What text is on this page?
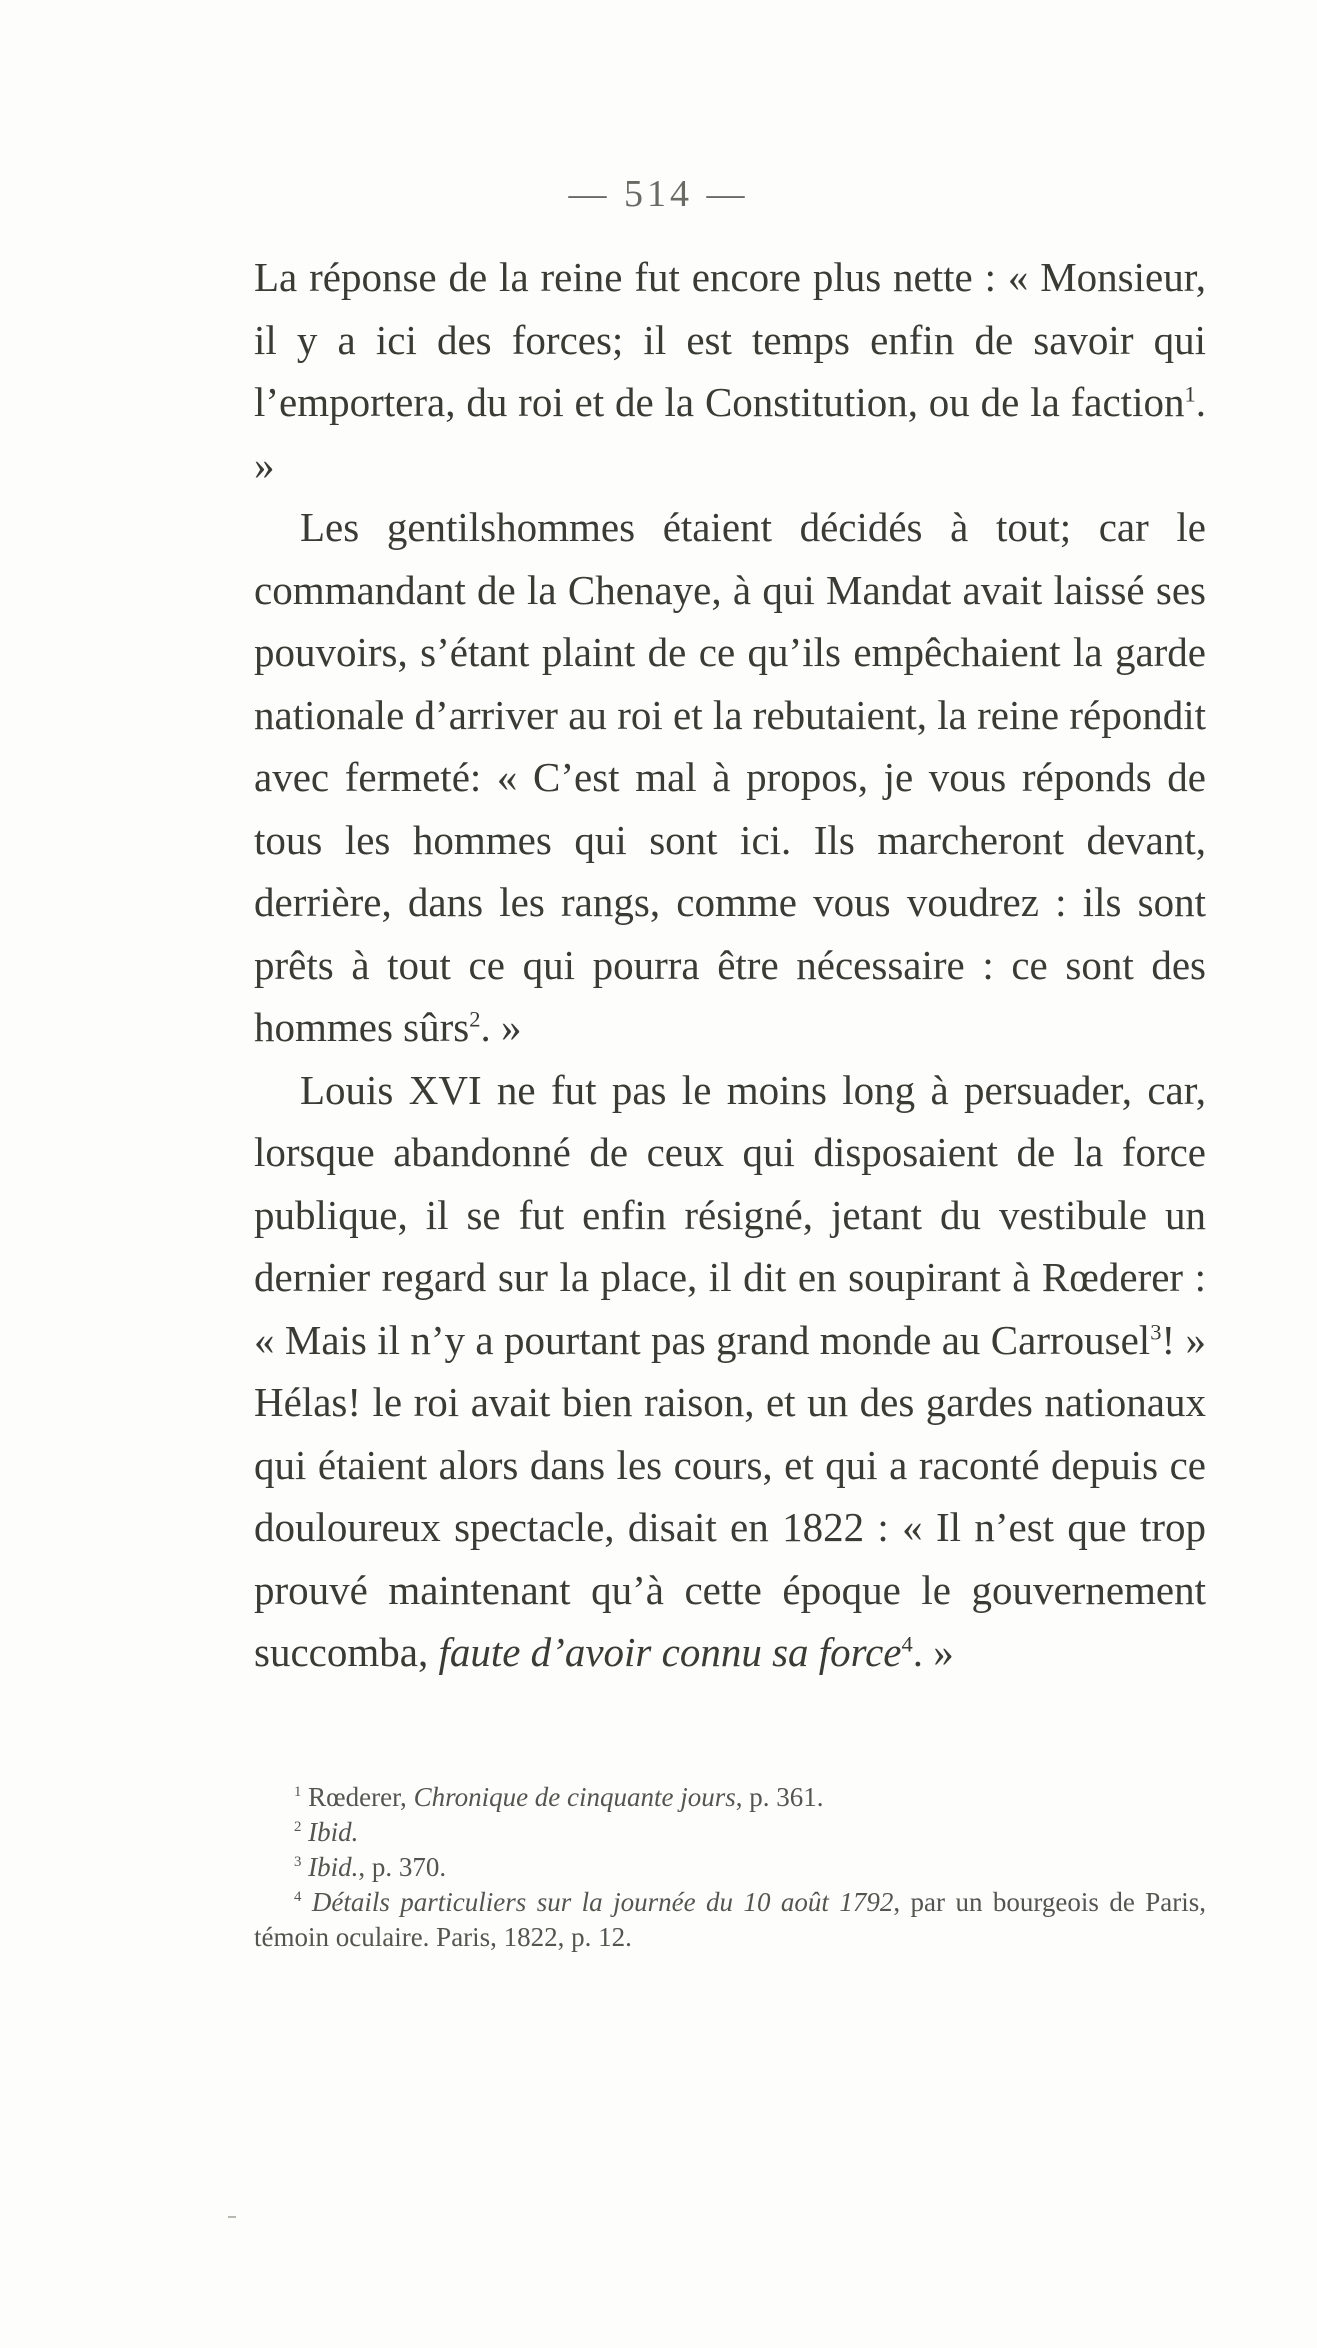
— 514 —

La réponse de la reine fut encore plus nette : « Monsieur, il y a ici des forces; il est temps enfin de savoir qui l’emportera, du roi et de la Constitution, ou de la faction$^1$. »

Les gentilshommes étaient décidés à tout; car le commandant de la Chenaye, à qui Mandat avait laissé ses pouvoirs, s’étant plaint de ce qu’ils empêchaient la garde nationale d’arriver au roi et la rebutaient, la reine répondit avec fermeté: « C’est mal à propos, je vous réponds de tous les hommes qui sont ici. Ils marcheront devant, derrière, dans les rangs, comme vous voudrez : ils sont prêts à tout ce qui pourra être nécessaire : ce sont des hommes sûrs$^2$. »

Louis XVI ne fut pas le moins long à persuader, car, lorsque abandonné de ceux qui disposaient de la force publique, il se fut enfin résigné, jetant du vestibule un dernier regard sur la place, il dit en soupirant à Rœderer : « Mais il n’y a pourtant pas grand monde au Carrousel$^3$! » Hélas! le roi avait bien raison, et un des gardes nationaux qui étaient alors dans les cours, et qui a raconté depuis ce douloureux spectacle, disait en 1822 : « Il n’est que trop prouvé maintenant qu’à cette époque le gouvernement succomba, faute d’avoir connu sa force$^4$. »

$^1$ Rœderer, Chronique de cinquante jours, p. 361.

$^2$ Ibid.

$^3$ Ibid., p. 370.

$^4$ Détails particuliers sur la journée du 10 août 1792, par un bourgeois de Paris, témoin oculaire. Paris, 1822, p. 12.
